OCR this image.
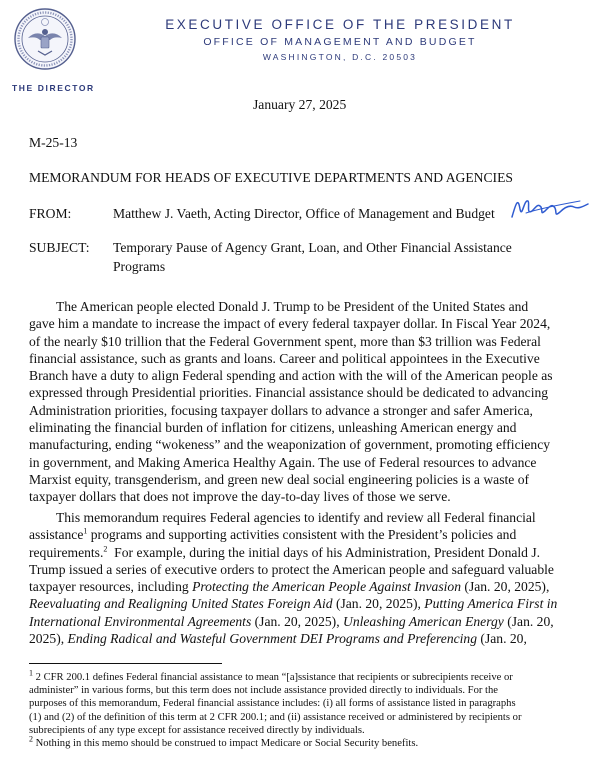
EXECUTIVE OFFICE OF THE PRESIDENT
OFFICE OF MANAGEMENT AND BUDGET
WASHINGTON, D.C. 20503
THE DIRECTOR
January 27, 2025
M-25-13
MEMORANDUM FOR HEADS OF EXECUTIVE DEPARTMENTS AND AGENCIES
FROM:	Matthew J. Vaeth, Acting Director, Office of Management and Budget
SUBJECT: Temporary Pause of Agency Grant, Loan, and Other Financial Assistance
Programs
The American people elected Donald J. Trump to be President of the United States and
gave him a mandate to increase the impact of every federal taxpayer dollar. In Fiscal Year 2024,
of the nearly $10 trillion that the Federal Government spent, more than $3 trillion was Federal
financial assistance, such as grants and loans. Career and political appointees in the Executive
Branch have a duty to align Federal spending and action with the will of the American people as
expressed through Presidential priorities. Financial assistance should be dedicated to advancing
Administration priorities, focusing taxpayer dollars to advance a stronger and safer America,
eliminating the financial burden of inflation for citizens, unleashing American energy and
manufacturing, ending “wokeness” and the weaponization of government, promoting efficiency
in government, and Making America Healthy Again. The use of Federal resources to advance
Marxist equity, transgenderism, and green new deal social engineering policies is a waste of
taxpayer dollars that does not improve the day-to-day lives of those we serve.
This memorandum requires Federal agencies to identify and review all Federal financial
assistance$^1$ programs and supporting activities consistent with the President’s policies and
requirements.$^2$  For example, during the initial days of his Administration, President Donald J.
Trump issued a series of executive orders to protect the American people and safeguard valuable
taxpayer resources, including Protecting the American People Against Invasion (Jan. 20, 2025),
Reevaluating and Realigning United States Foreign Aid (Jan. 20, 2025), Putting America First in
International Environmental Agreements (Jan. 20, 2025), Unleashing American Energy (Jan. 20,
2025), Ending Radical and Wasteful Government DEI Programs and Preferencing (Jan. 20,
$^1$ 2 CFR 200.1 defines Federal financial assistance to mean “[a]ssistance that recipients or subrecipients receive or
administer” in various forms, but this term does not include assistance provided directly to individuals. For the
purposes of this memorandum, Federal financial assistance includes: (i) all forms of assistance listed in paragraphs
(1) and (2) of the definition of this term at 2 CFR 200.1; and (ii) assistance received or administered by recipients or
subrecipients of any type except for assistance received directly by individuals.
$^2$ Nothing in this memo should be construed to impact Medicare or Social Security benefits.
